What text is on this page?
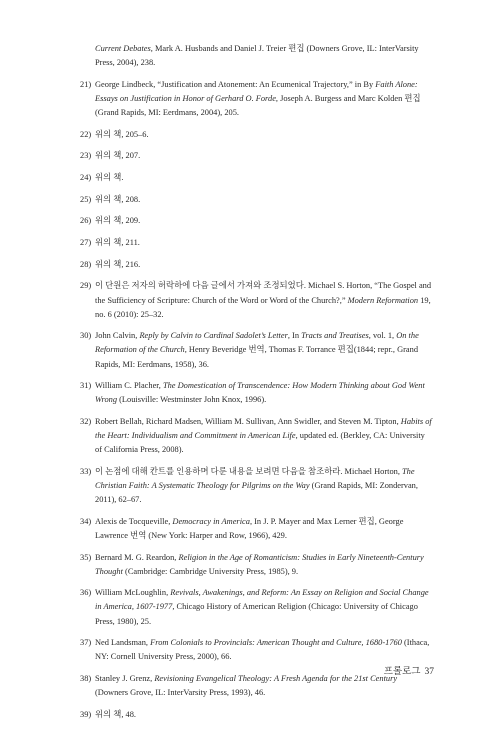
Current Debates, Mark A. Husbands and Daniel J. Treier 편집 (Downers Grove, IL: InterVarsity Press, 2004), 238.
21) George Lindbeck, “Justification and Atonement: An Ecumenical Trajectory,” in By Faith Alone: Essays on Justification in Honor of Gerhard O. Forde, Joseph A. Burgess and Marc Kolden 편집 (Grand Rapids, MI: Eerdmans, 2004), 205.
22) 위의 책, 205–6.
23) 위의 책, 207.
24) 위의 책.
25) 위의 책, 208.
26) 위의 책, 209.
27) 위의 책, 211.
28) 위의 책, 216.
29) 이 단원은 저자의 허락하에 다음 글에서 가져와 조정되었다. Michael S. Horton, “The Gospel and the Sufficiency of Scripture: Church of the Word or Word of the Church?,” Modern Reformation 19, no. 6 (2010): 25–32.
30) John Calvin, Reply by Calvin to Cardinal Sadolet’s Letter, In Tracts and Treatises, vol. 1, On the Reformation of the Church, Henry Beveridge 번역, Thomas F. Torrance 편집(1844; repr., Grand Rapids, MI: Eerdmans, 1958), 36.
31) William C. Placher, The Domestication of Transcendence: How Modern Thinking about God Went Wrong (Louisville: Westminster John Knox, 1996).
32) Robert Bellah, Richard Madsen, William M. Sullivan, Ann Swidler, and Steven M. Tipton, Habits of the Heart: Individualism and Commitment in American Life, updated ed. (Berkley, CA: University of California Press, 2008).
33) 이 논점에 대해 칸트를 인용하며 다룬 내용을 보려면 다음을 참조하라. Michael Horton, The Christian Faith: A Systematic Theology for Pilgrims on the Way (Grand Rapids, MI: Zondervan, 2011), 62–67.
34) Alexis de Tocqueville, Democracy in America, In J. P. Mayer and Max Lerner 편집, George Lawrence 번역 (New York: Harper and Row, 1966), 429.
35) Bernard M. G. Reardon, Religion in the Age of Romanticism: Studies in Early Nineteenth-Century Thought (Cambridge: Cambridge University Press, 1985), 9.
36) William McLoughlin, Revivals, Awakenings, and Reform: An Essay on Religion and Social Change in America, 1607-1977, Chicago History of American Religion (Chicago: University of Chicago Press, 1980), 25.
37) Ned Landsman, From Colonials to Provincials: American Thought and Culture, 1680-1760 (Ithaca, NY: Cornell University Press, 2000), 66.
38) Stanley J. Grenz, Revisioning Evangelical Theology: A Fresh Agenda for the 21st Century (Downers Grove, IL: InterVarsity Press, 1993), 46.
39) 위의 책, 48.
프롤로그 37
